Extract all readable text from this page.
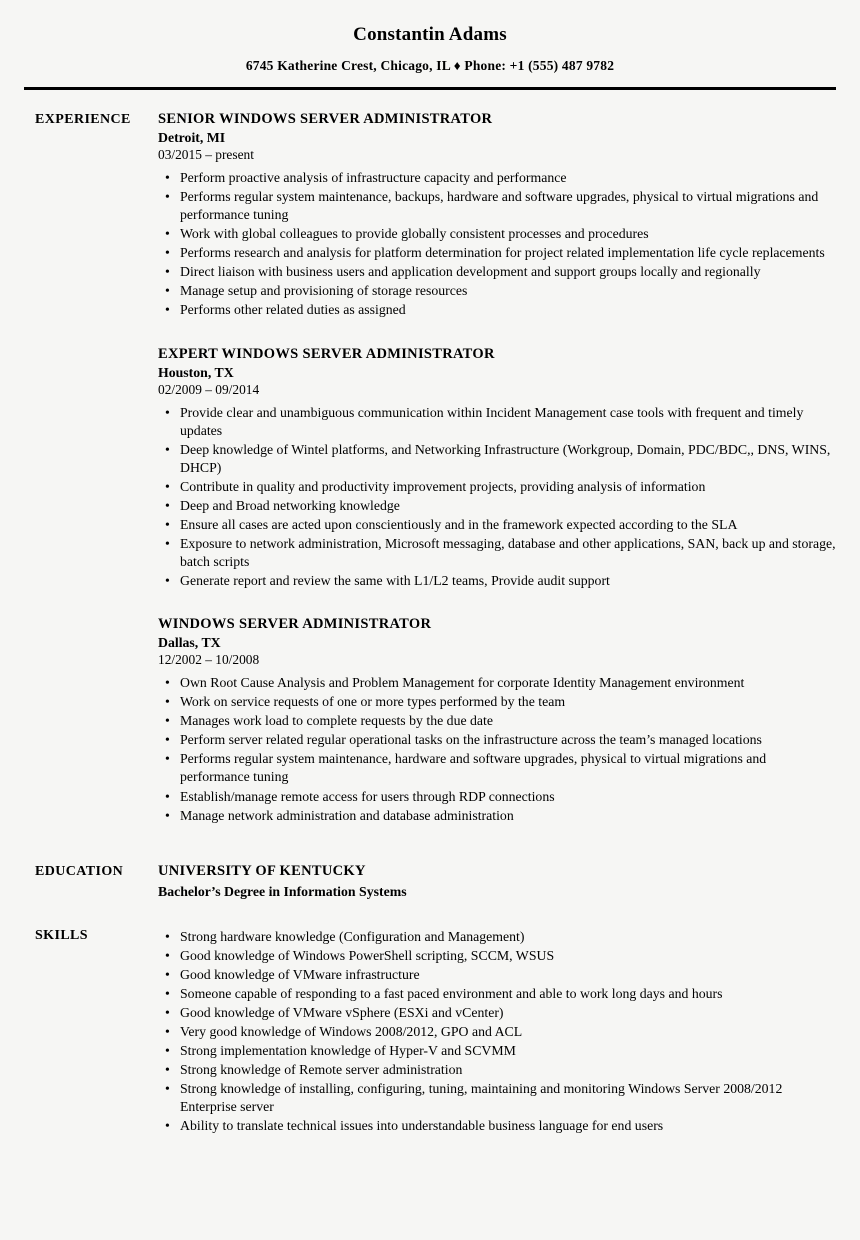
Constantin Adams
6745 Katherine Crest, Chicago, IL ♦ Phone: +1 (555) 487 9782
EXPERIENCE	SENIOR WINDOWS SERVER ADMINISTRATOR
Detroit, MI
03/2015 – present
• Perform proactive analysis of infrastructure capacity and performance
• Performs regular system maintenance, backups, hardware and software upgrades, physical to virtual migrations and performance tuning
• Work with global colleagues to provide globally consistent processes and procedures
• Performs research and analysis for platform determination for project related implementation life cycle replacements
• Direct liaison with business users and application development and support groups locally and regionally
• Manage setup and provisioning of storage resources
• Performs other related duties as assigned
EXPERT WINDOWS SERVER ADMINISTRATOR
Houston, TX
02/2009 – 09/2014
• Provide clear and unambiguous communication within Incident Management case tools with frequent and timely updates
• Deep knowledge of Wintel platforms, and Networking Infrastructure (Workgroup, Domain, PDC/BDC,, DNS, WINS, DHCP)
• Contribute in quality and productivity improvement projects, providing analysis of information
• Deep and Broad networking knowledge
• Ensure all cases are acted upon conscientiously and in the framework expected according to the SLA
• Exposure to network administration, Microsoft messaging, database and other applications, SAN, back up and storage, batch scripts
• Generate report and review the same with L1/L2 teams, Provide audit support
WINDOWS SERVER ADMINISTRATOR
Dallas, TX
12/2002 – 10/2008
• Own Root Cause Analysis and Problem Management for corporate Identity Management environment
• Work on service requests of one or more types performed by the team
• Manages work load to complete requests by the due date
• Perform server related regular operational tasks on the infrastructure across the team’s managed locations
• Performs regular system maintenance, hardware and software upgrades, physical to virtual migrations and performance tuning
• Establish/manage remote access for users through RDP connections
• Manage network administration and database administration
EDUCATION	UNIVERSITY OF KENTUCKY
Bachelor’s Degree in Information Systems
SKILLS	• Strong hardware knowledge (Configuration and Management)
• Good knowledge of Windows PowerShell scripting, SCCM, WSUS
• Good knowledge of VMware infrastructure
• Someone capable of responding to a fast paced environment and able to work long days and hours
• Good knowledge of VMware vSphere (ESXi and vCenter)
• Very good knowledge of Windows 2008/2012, GPO and ACL
• Strong implementation knowledge of Hyper-V and SCVMM
• Strong knowledge of Remote server administration
• Strong knowledge of installing, configuring, tuning, maintaining and monitoring Windows Server 2008/2012 Enterprise server
• Ability to translate technical issues into understandable business language for end users
